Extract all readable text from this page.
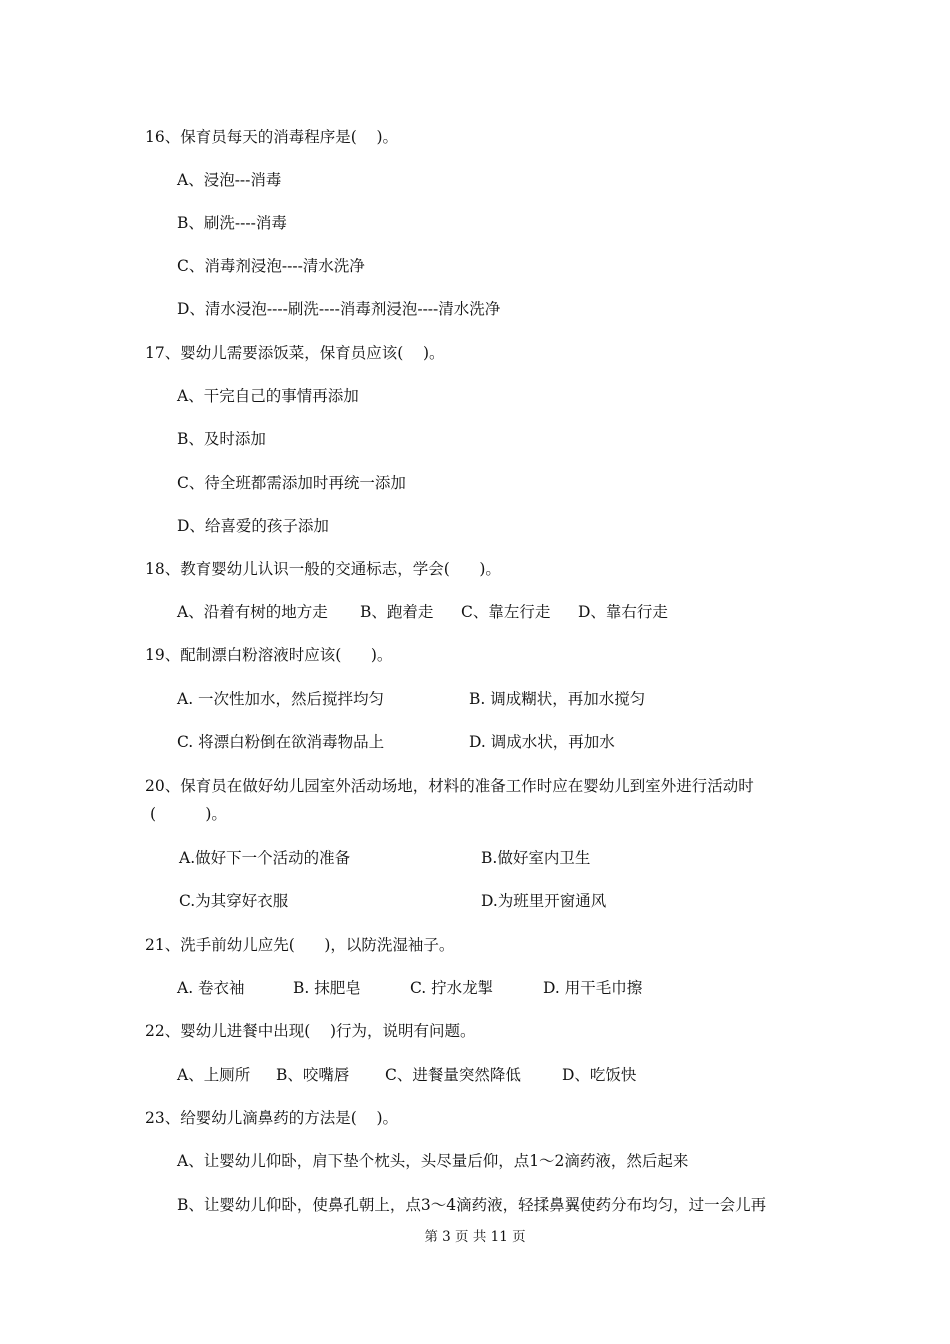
16、保育员每天的消毒程序是(    )。
A、浸泡---消毒
B、刷洗----消毒
C、消毒剂浸泡----清水洗净
D、清水浸泡----刷洗----消毒剂浸泡----清水洗净
17、婴幼儿需要添饭菜，保育员应该(    )。
A、干完自己的事情再添加
B、及时添加
C、待全班都需添加时再统一添加
D、给喜爱的孩子添加
18、教育婴幼儿认识一般的交通标志，学会(      )。
A、沿着有树的地方走 B、跑着走 C、靠左行走 D、靠右行走
19、配制漂白粉溶液时应该(      )。
A. 一次性加水，然后搅拌均匀	B. 调成糊状，再加水搅匀
C. 将漂白粉倒在欲消毒物品上	D. 调成水状，再加水
20、保育员在做好幼儿园室外活动场地，材料的准备工作时应在婴幼儿到室外进行活动时
(          )。
A.做好下一个活动的准备	B.做好室内卫生
C.为其穿好衣服	D.为班里开窗通风
21、洗手前幼儿应先(      )，以防洗湿袖子。
A. 卷衣袖	B. 抹肥皂	C. 拧水龙掣	D. 用干毛巾擦
22、婴幼儿进餐中出现(    )行为，说明有问题。
A、上厕所 B、咬嘴唇 C、进餐量突然降低	D、吃饭快
23、给婴幼儿滴鼻药的方法是(    )。
A、让婴幼儿仰卧，肩下垫个枕头，头尽量后仰，点1～2滴药液，然后起来
B、让婴幼儿仰卧，使鼻孔朝上，点3～4滴药液，轻揉鼻翼使药分布均匀，过一会儿再
第 3 页 共 11 页
